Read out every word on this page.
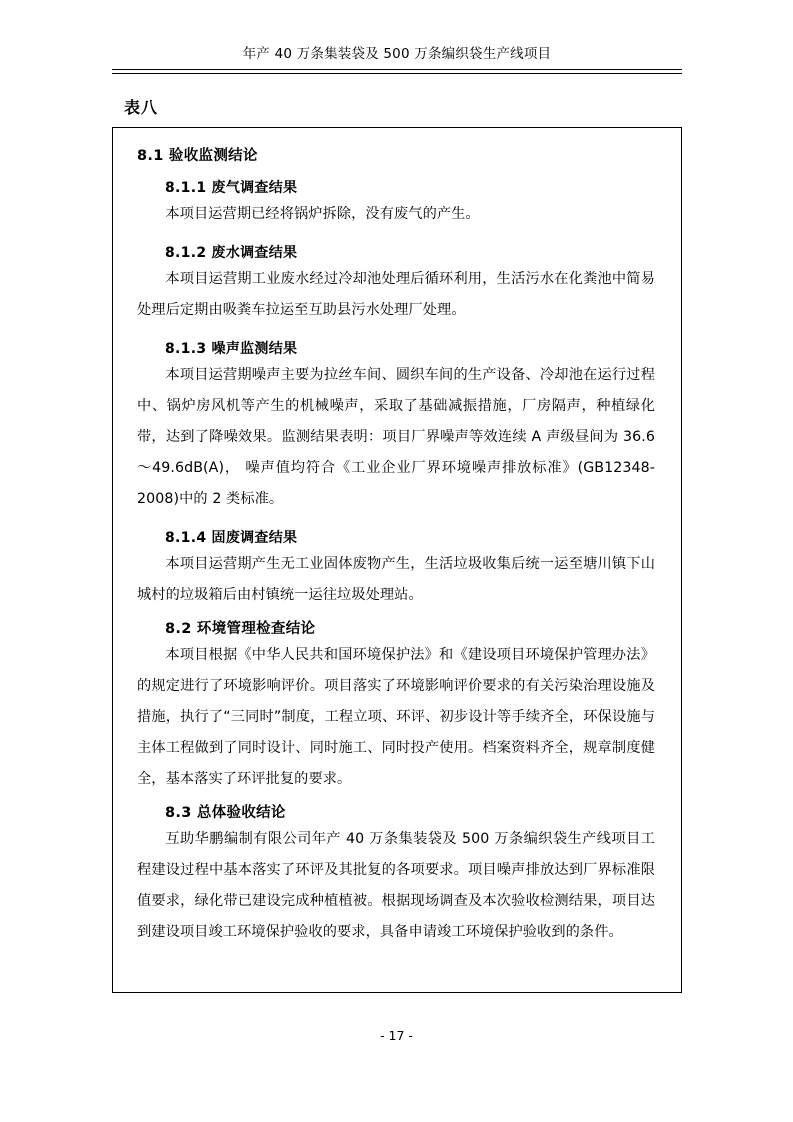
年产 40 万条集装袋及 500 万条编织袋生产线项目
表八
8.1 验收监测结论
8.1.1 废气调查结果

本项目运营期已经将锅炉拆除，没有废气的产生。

8.1.2 废水调查结果

本项目运营期工业废水经过冷却池处理后循环利用，生活污水在化粪池中简易处理后定期由吸粪车拉运至互助县污水处理厂处理。

8.1.3 噪声监测结果

本项目运营期噪声主要为拉丝车间、圆织车间的生产设备、冷却池在运行过程中、锅炉房风机等产生的机械噪声，采取了基础减振措施，厂房隔声，种植绿化带，达到了降噪效果。监测结果表明：项目厂界噪声等效连续 A 声级昼间为 36.6～49.6dB(A)， 噪声值均符合《工业企业厂界环境噪声排放标准》(GB12348-2008)中的 2 类标准。

8.1.4 固废调查结果

本项目运营期产生无工业固体废物产生，生活垃圾收集后统一运至塘川镇下山城村的垃圾箱后由村镇统一运往垃圾处理站。

8.2 环境管理检查结论

本项目根据《中华人民共和国环境保护法》和《建设项目环境保护管理办法》的规定进行了环境影响评价。项目落实了环境影响评价要求的有关污染治理设施及措施，执行了“三同时”制度，工程立项、环评、初步设计等手续齐全，环保设施与主体工程做到了同时设计、同时施工、同时投产使用。档案资料齐全，规章制度健全，基本落实了环评批复的要求。

8.3 总体验收结论

互助华鹏编制有限公司年产 40 万条集装袋及 500 万条编织袋生产线项目工程建设过程中基本落实了环评及其批复的各项要求。项目噪声排放达到厂界标准限值要求，绿化带已建设完成种植植被。根据现场调查及本次验收检测结果，项目达到建设项目竣工环境保护验收的要求，具备申请竣工环境保护验收到的条件。

- 17 -
